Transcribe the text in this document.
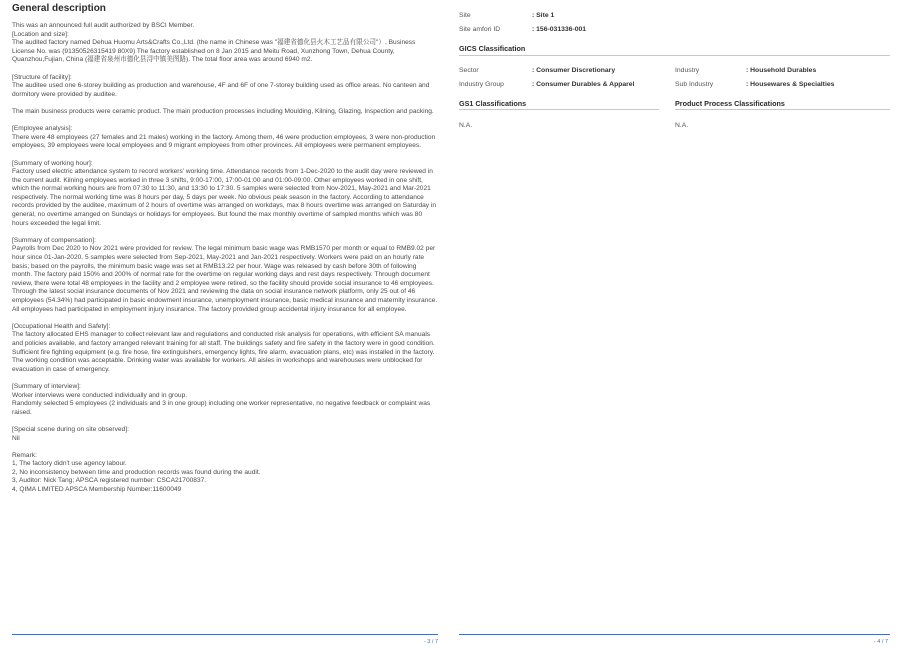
General description

This was an announced full audit authorized by BSCI Member.
[Location and size]:
The audited factory named Dehua Huomu Arts&Crafts Co.,Ltd. (the name in Chinese was "福建省德化县火木工艺品有限公司"）, Business License No. was (91350526315419 80X9) The factory established on 8 Jan 2015 and Meitu Road, Xunzhong Town, Dehua County, Quanzhou,Fujian, China (福建省泉州市德化县浔中镇美图路). The total floor area was around 6940 m2.

[Structure of facility]:
The auditee used one 6-storey building as production and warehouse, 4F and 6F of one 7-storey building used as office areas. No canteen and dormitory were provided by auditee.

The main business products were ceramic product. The main production processes including Moulding, Kilning, Glazing, Inspection and packing.

[Employee analysis]:
There were 48 employees (27 females and 21 males) working in the factory. Among them, 46 were production employees, 3 were non-production employees, 39 employees were local employees and 9 migrant employees from other provinces. All employees were permanent employees.

[Summary of working hour]:
Factory used electric attendance system to record workers' working time. Attendance records from 1-Dec-2020 to the audit day were reviewed in the current audit. Kilning employees worked in three 3 shifts, 9:00-17:00, 17:00-01:00 and 01:00-09:00. Other employees worked in one shift, which the normal working hours are from 07:30 to 11:30, and 13:30 to 17:30. 5 samples were selected from Nov-2021, May-2021 and Mar-2021 respectively. The normal working time was 8 hours per day, 5 days per week. No obvious peak season in the factory. According to attendance records provided by the auditee, maximum of 2 hours of overtime was arranged on workdays, max 8 hours overtime was arranged on Saturday in general, no overtime arranged on Sundays or holidays for employees. But found the max monthly overtime of sampled months which was 80 hours exceeded the legal limit.

[Summary of compensation]:
Payrolls from Dec 2020 to Nov 2021 were provided for review. The legal minimum basic wage was RMB1570 per month or equal to RMB9.02 per hour since 01-Jan-2020. 5 samples were selected from Sep-2021, May-2021 and Jan-2021 respectively. Workers were paid on an hourly rate basis; based on the payrolls, the minimum basic wage was set at RMB13.22 per hour. Wage was released by cash before 30th of following month. The factory paid 150% and 200% of normal rate for the overtime on regular working days and rest days respectively. Through document review, there were total 48 employees in the facility and 2 employee were retired, so the facility should provide social insurance to 46 employees. Through the latest social insurance documents of Nov 2021 and reviewing the data on social insurance network platform, only 25 out of 46 employees (54.34%) had participated in basic endowment insurance, unemployment insurance, basic medical insurance and maternity insurance. All employees had participated in employment injury insurance. The factory provided group accidental injury insurance for all employee.

[Occupational Health and Safety]:
The factory allocated EHS manager to collect relevant law and regulations and conducted risk analysis for operations, with efficient SA manuals and policies available, and factory arranged relevant training for all staff. The buildings safety and fire safety in the factory were in good condition. Sufficient fire fighting equipment (e.g. fire hose, fire extinguishers, emergency lights, fire alarm, evacuation plans, etc) was installed in the factory. The working condition was acceptable. Drinking water was available for workers. All aisles in workshops and warehouses were unblocked for evacuation in case of emergency.

[Summary of interview]:
Worker interviews were conducted individually and in group.
Randomly selected 5 employees (2 individuals and 3 in one group) including one worker representative, no negative feedback or complaint was raised.

[Special scene during on site observed]:
Nil

Remark:
1, The factory didn't use agency labour.
2, No inconsistency between time and production records was found during the audit.
3, Auditor: Nick Tang; APSCA registered number: CSCA21700837.
4, QIMA LIMITED APSCA Membership Number:11600049

- 3 / 7
Site	: Site 1
Site amfori ID	: 156-031336-001
GICS Classification
Sector	: Consumer Discretionary	Industry	: Household Durables
Industry Group	: Consumer Durables & Apparel	Sub Industry	: Housewares & Specialties
GS1 Classifications	Product Process Classifications
N.A.	N.A.
- 4 / 7
